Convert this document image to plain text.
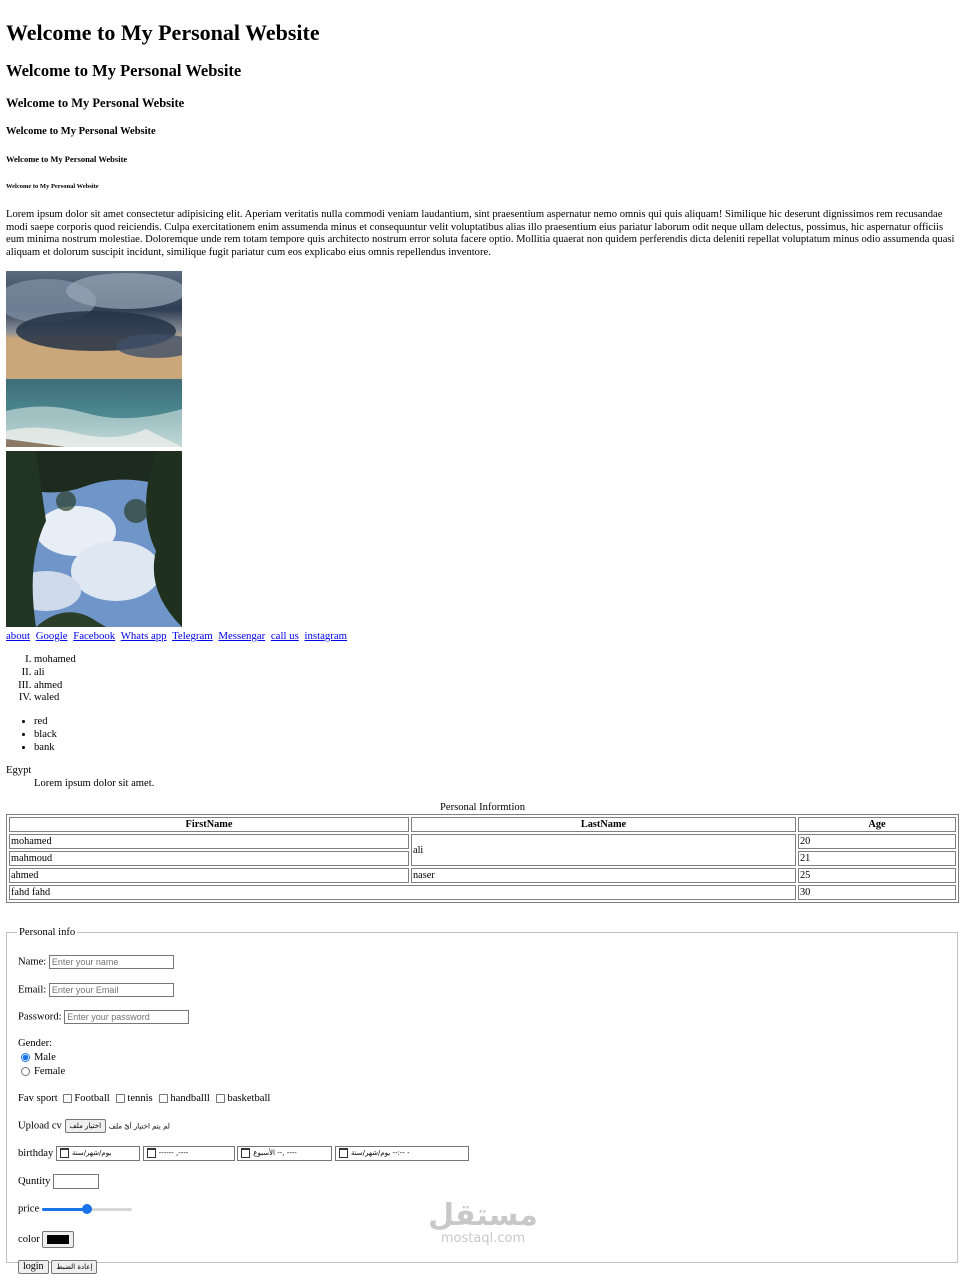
Welcome to My Personal Website
Welcome to My Personal Website
Welcome to My Personal Website
Welcome to My Personal Website
Welcome to My Personal Website
Welcome to My Personal Website

Lorem ipsum dolor sit amet consectetur adipisicing elit. Aperiam veritatis nulla commodi veniam laudantium, sint praesentium aspernatur nemo omnis qui quis aliquam! Similique hic deserunt dignissimos rem recusandae modi saepe corporis quod reiciendis. Culpa exercitationem enim assumenda minus et consequuntur velit voluptatibus alias illo praesentium eius pariatur laborum odit neque ullam delectus, possimus, hic aspernatur officiis eum minima nostrum molestiae. Doloremque unde rem totam tempore quis architecto nostrum error soluta facere optio. Mollitia quaerat non quidem perferendis dicta deleniti repellat voluptatum minus odio assumenda quasi aliquam et dolorum suscipit incidunt, similique fugit pariatur cum eos explicabo eius omnis repellendus inventore.

about Google Facebook Whats app Telegram Messengar call us instagram
I. mohamed
II. ali
III. ahmed
IV. waled
• red
• black
• bank
Egypt
Lorem ipsum dolor sit amet.
Personal Informtion
FirstName	LastName	Age
mohamed	ali	20
mahmoud		21
ahmed	naser	25
fahd fahd		30
Personal info
Name: Enter your name
Email: Enter your Email
Password: Enter your password
Gender:
Male
Female
Fav sport Football tennis handballl basketball
Upload cv اختيار ملف لم يتم اختيار أيّ ملف
birthday	يوم/شهر/سنة	------ ,----	الأسبوع --, ----	يوم/شهر/سنة --:-- -
Quntity
price
color
login إعادة الضبط
مستقل
mostaql.com
